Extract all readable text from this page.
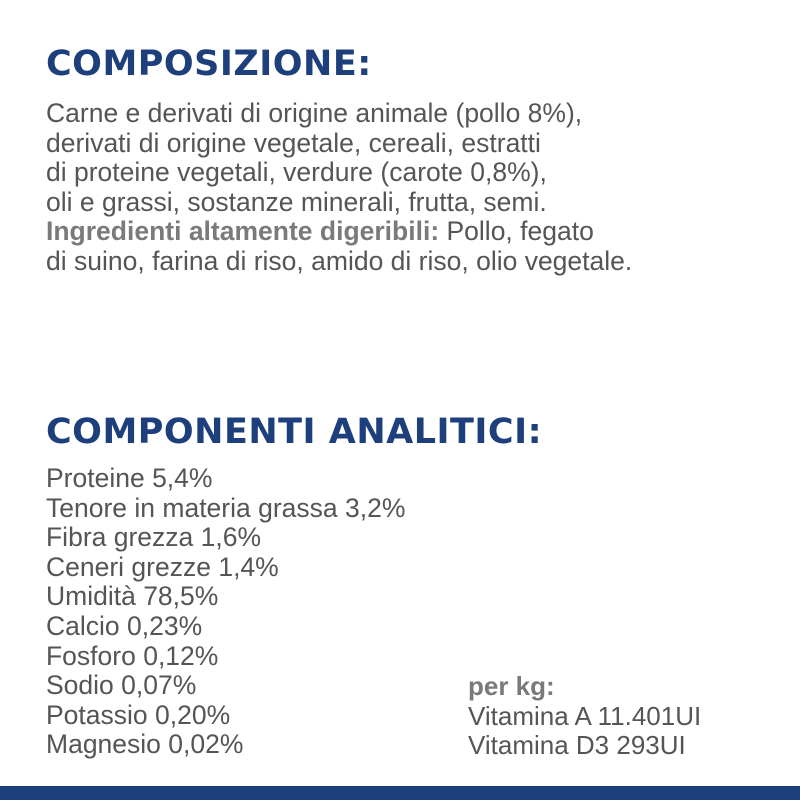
COMPOSIZIONE:
Carne e derivati di origine animale (pollo 8%),
derivati di origine vegetale, cereali, estratti
di proteine vegetali, verdure (carote 0,8%),
oli e grassi, sostanze minerali, frutta, semi.
Ingredienti altamente digeribili: Pollo, fegato
di suino, farina di riso, amido di riso, olio vegetale.
COMPONENTI ANALITICI:
Proteine 5,4%
Tenore in materia grassa 3,2%
Fibra grezza 1,6%
Ceneri grezze 1,4%
Umidità 78,5%
Calcio 0,23%
Fosforo 0,12%
Sodio 0,07%
Potassio 0,20%
Magnesio 0,02%
per kg:
Vitamina A 11.401UI
Vitamina D3 293UI
